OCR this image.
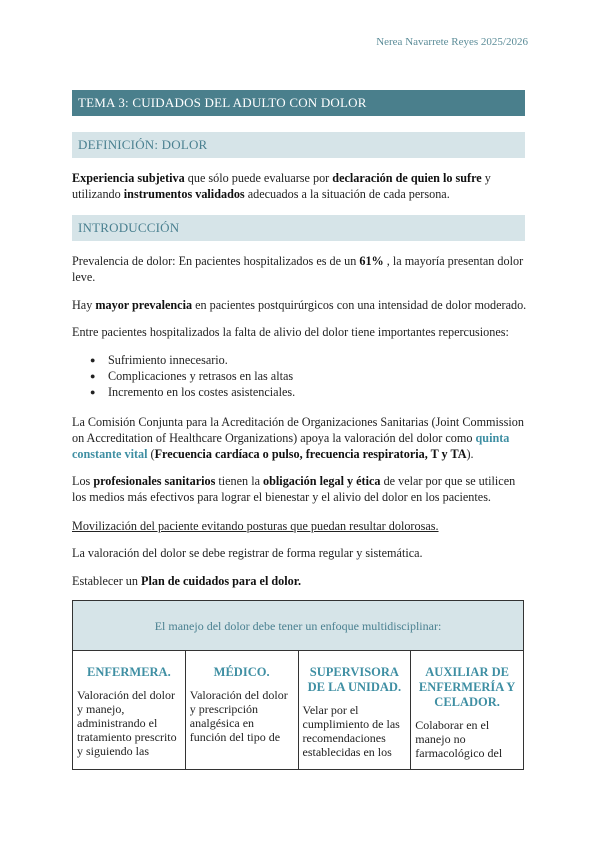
Nerea Navarrete Reyes 2025/2026
TEMA 3: CUIDADOS DEL ADULTO CON DOLOR
DEFINICIÓN: DOLOR

Experiencia subjetiva que sólo puede evaluarse por declaración de quien lo sufre y utilizando instrumentos validados adecuados a la situación de cada persona.

INTRODUCCIÓN

Prevalencia de dolor: En pacientes hospitalizados es de un 61% , la mayoría presentan dolor leve.

Hay mayor prevalencia en pacientes postquirúrgicos con una intensidad de dolor moderado.

Entre pacientes hospitalizados la falta de alivio del dolor tiene importantes repercusiones:

● Sufrimiento innecesario.
● Complicaciones y retrasos en las altas
● Incremento en los costes asistenciales.

La Comisión Conjunta para la Acreditación de Organizaciones Sanitarias (Joint Commission on Accreditation of Healthcare Organizations) apoya la valoración del dolor como quinta constante vital (Frecuencia cardíaca o pulso, frecuencia respiratoria, T y TA).

Los profesionales sanitarios tienen la obligación legal y ética de velar por que se utilicen los medios más efectivos para lograr el bienestar y el alivio del dolor en los pacientes.

Movilización del paciente evitando posturas que puedan resultar dolorosas.

La valoración del dolor se debe registrar de forma regular y sistemática.

Establecer un Plan de cuidados para el dolor.

El manejo del dolor debe tener un enfoque multidisciplinar:
ENFERMERA.
Valoración del dolor y manejo, administrando el tratamiento prescrito y siguiendo las
MÉDICO.
Valoración del dolor y prescripción analgésica en función del tipo de
SUPERVISORA DE LA UNIDAD.
Velar por el cumplimiento de las recomendaciones establecidas en los
AUXILIAR DE ENFERMERÍA Y CELADOR.
Colaborar en el manejo no farmacológico del
